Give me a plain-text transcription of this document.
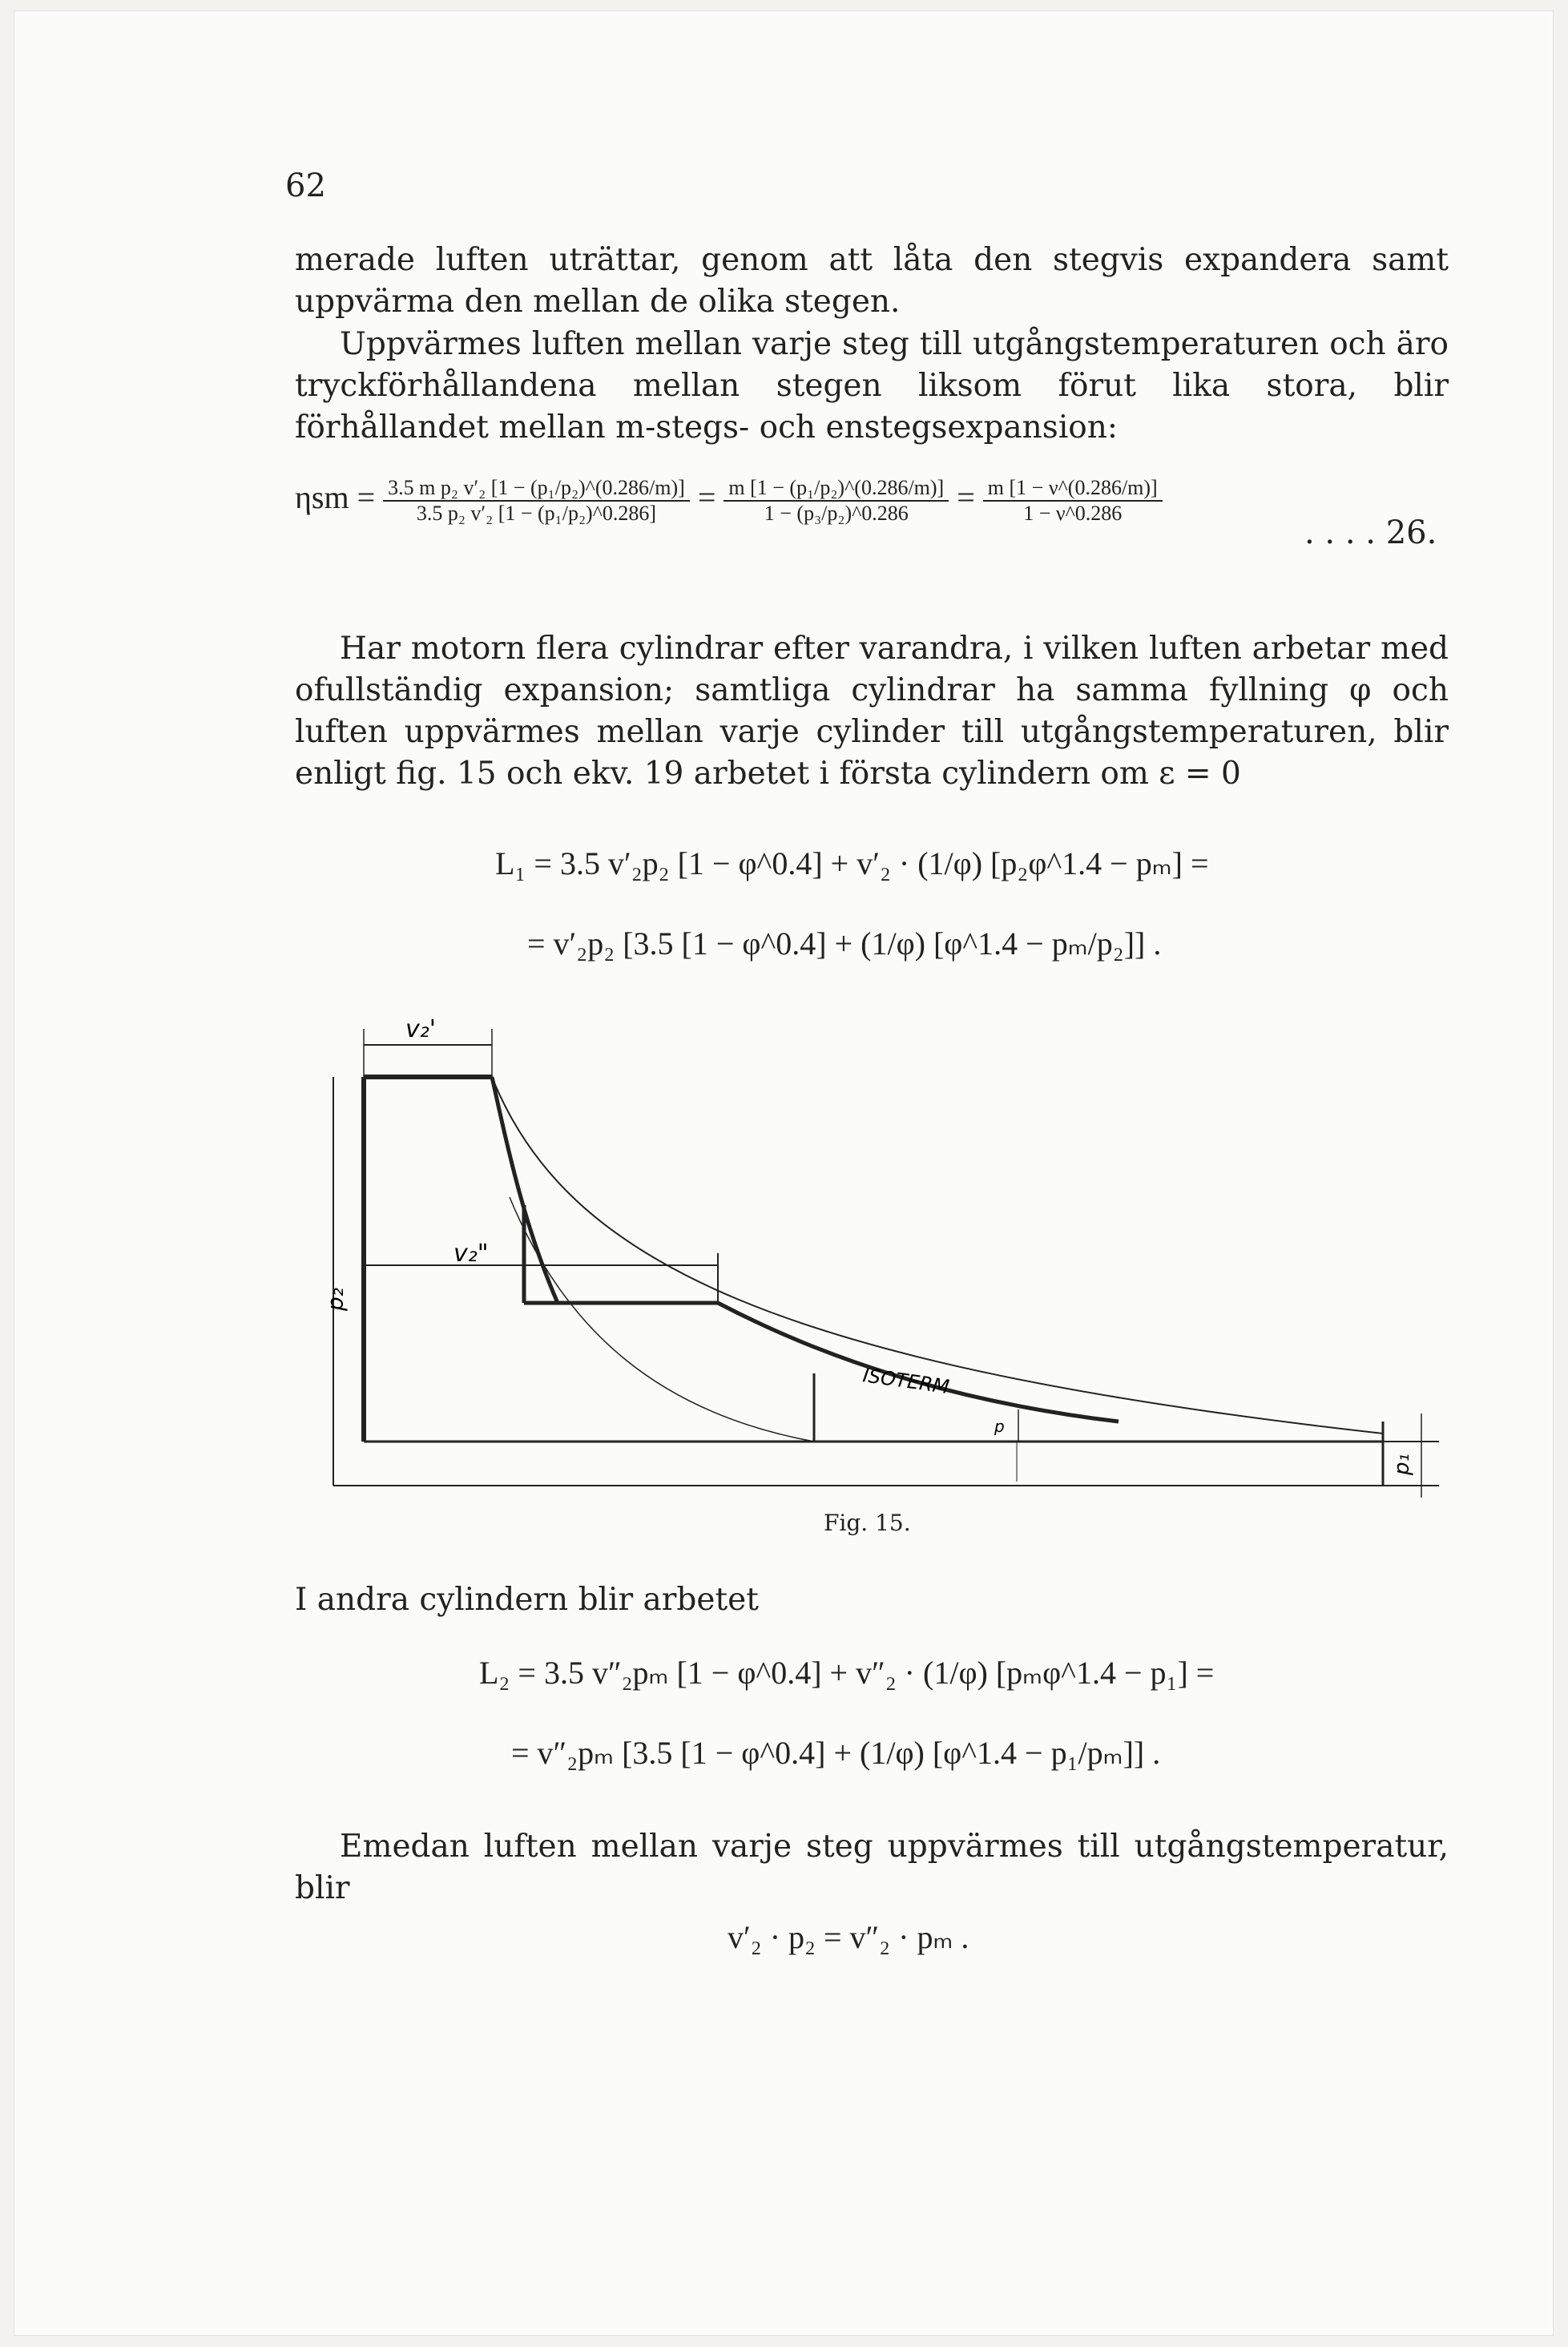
62
merade luften uträttar, genom att låta den stegvis expandera samt uppvärma den mellan de olika stegen.
Uppvärmes luften mellan varje steg till utgångstemperaturen och äro tryckförhållandena mellan stegen liksom förut lika stora, blir förhållandet mellan m-stegs- och enstegsexpansion:
$\eta sm = \frac{\text{3.5 m p₂ v′₂ [1 − (p₁/p₂)\textasciicircum{}(0.286/m)]}}{\text{3.5 p₂ v′₂ [1 − (p₁/p₂)\textasciicircum{}0.286]}} = \frac{\text{m [1 − (p₁/p₂)\textasciicircum{}(0.286/m)]}}{\text{1 − (p₃/p₂)\textasciicircum{}0.286}} = \frac{m [1 - \nu\^{}(0.286/m)]}{1 - \nu\^{}0.286}$
. . . . 26.
Har motorn flera cylindrar efter varandra, i vilken luften arbetar med ofullständig expansion; samtliga cylindrar ha samma fyllning φ och luften uppvärmes mellan varje cylinder till utgångstemperaturen, blir enligt fig. 15 och ekv. 19 arbetet i första cylindern om ε = 0
L₁ = 3.5 v′₂p₂ [1 − φ^0.4] + v′₂ · (1/φ) [p₂φ^1.4 − pₘ] =
= v′₂p₂ [3.5 [1 − φ^0.4] + (1/φ) [φ^1.4 − pₘ/p₂]] .
v₂'
v₂"
p₂
p₁
ISOTERM
p
Fig. 15.
I andra cylindern blir arbetet
L₂ = 3.5 v″₂pₘ [1 − φ^0.4] + v″₂ · (1/φ) [pₘφ^1.4 − p₁] =
= v″₂pₘ [3.5 [1 − φ^0.4] + (1/φ) [φ^1.4 − p₁/pₘ]] .
Emedan luften mellan varje steg uppvärmes till utgångstemperatur, blir
v′₂ · p₂ = v″₂ · pₘ .
